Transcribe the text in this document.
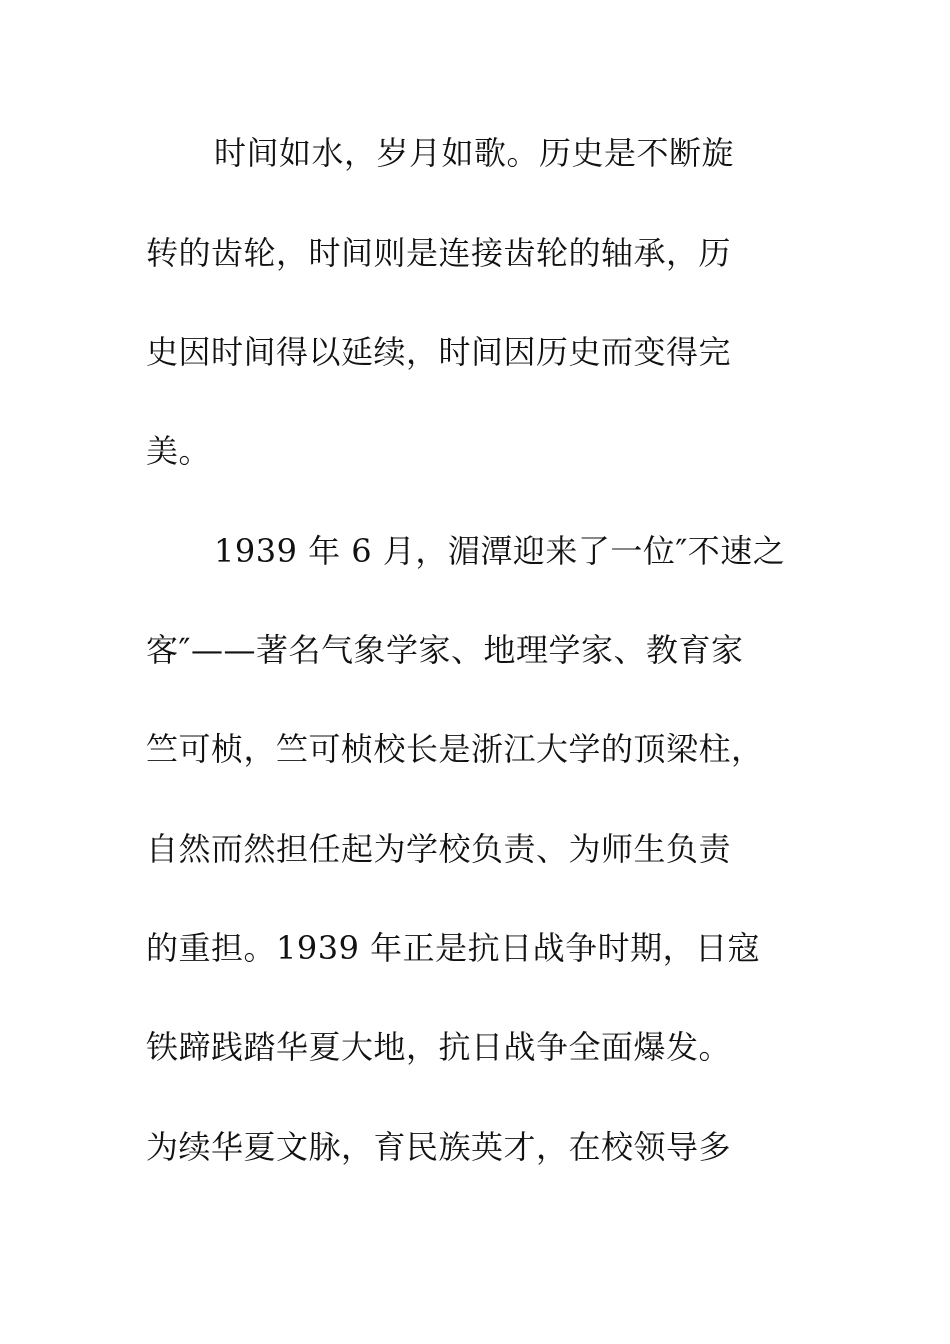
时间如水，岁月如歌。历史是不断旋
转的齿轮，时间则是连接齿轮的轴承，历
史因时间得以延续，时间因历史而变得完
美。
1939 年 6 月，湄潭迎来了一位″不速之
客″——著名气象学家、地理学家、教育家
竺可桢，竺可桢校长是浙江大学的顶梁柱，
自然而然担任起为学校负责、为师生负责
的重担。1939 年正是抗日战争时期，日寇
铁蹄践踏华夏大地，抗日战争全面爆发。
为续华夏文脉，育民族英才，在校领导多
